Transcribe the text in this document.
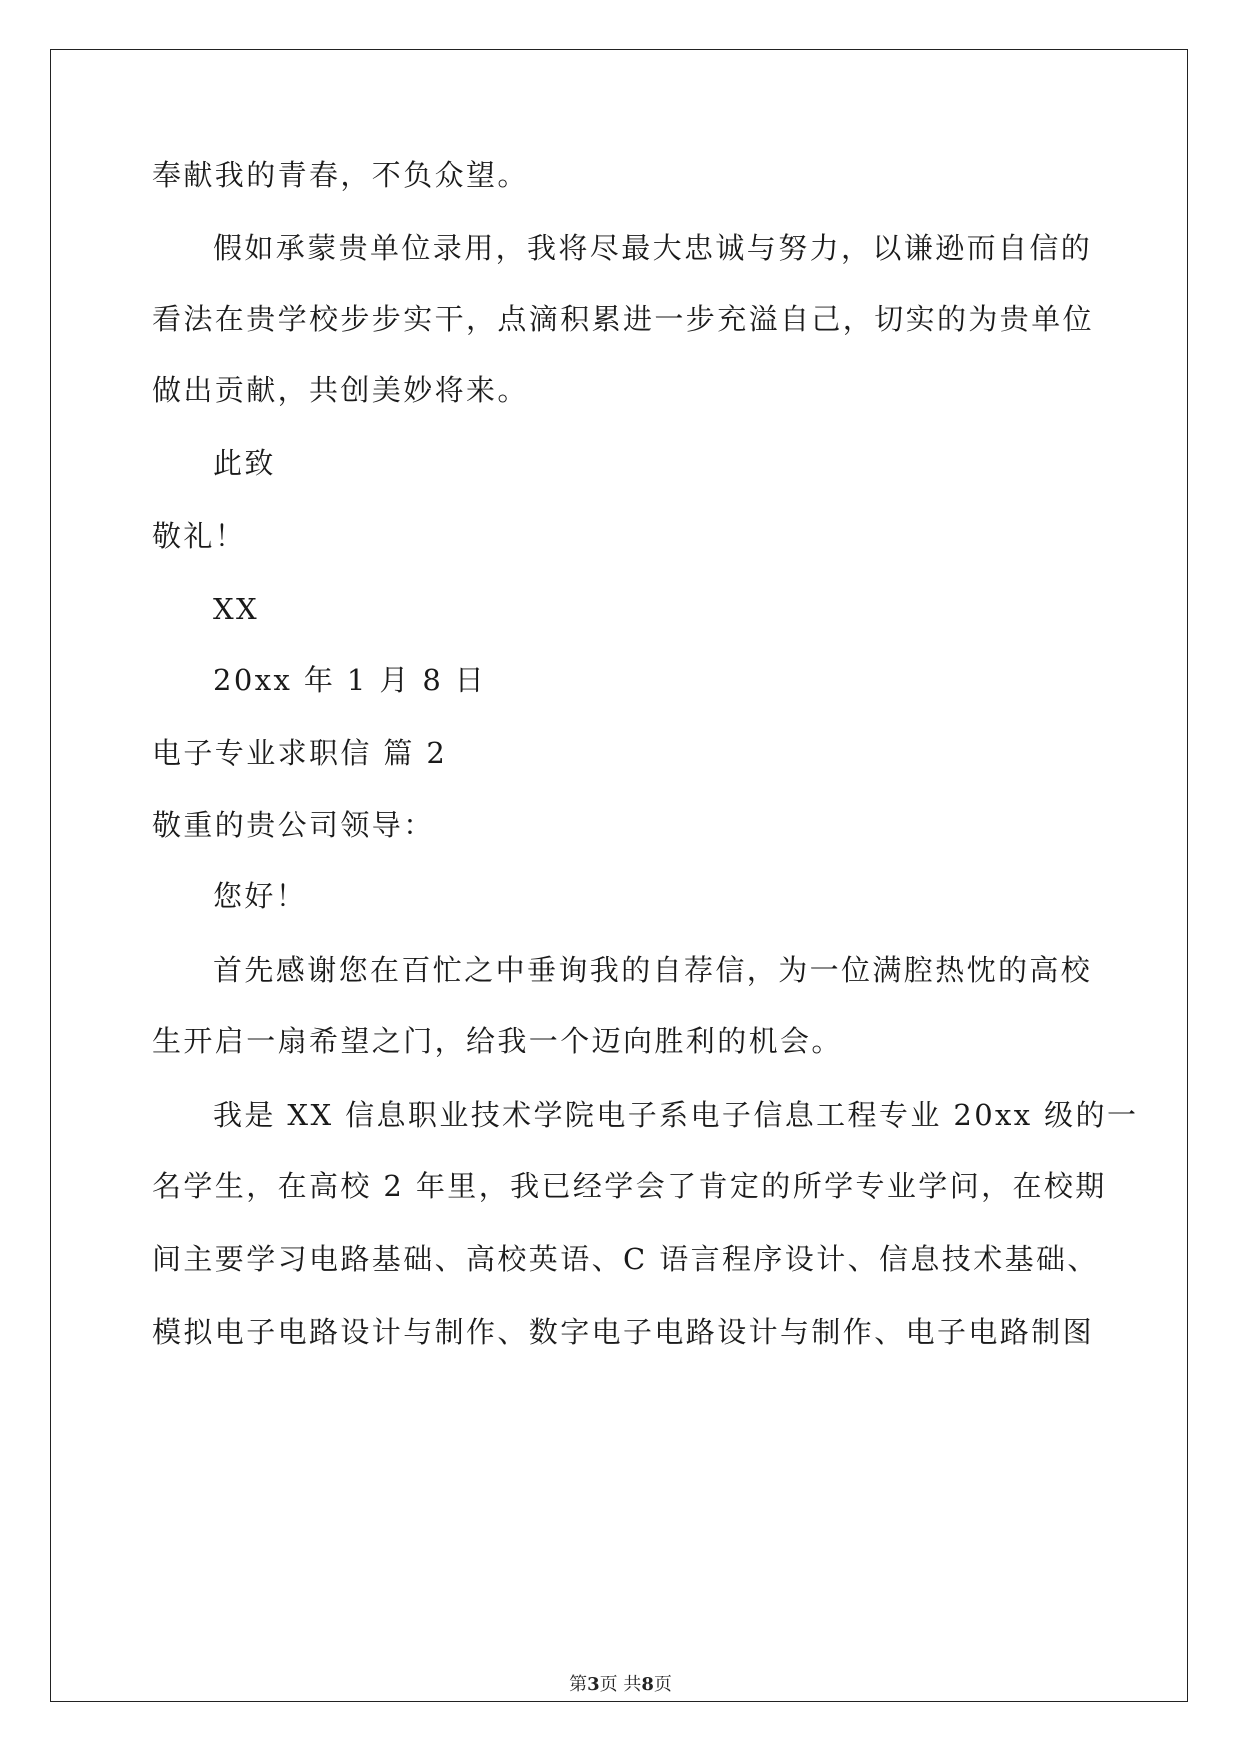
奉献我的青春，不负众望。
假如承蒙贵单位录用，我将尽最大忠诚与努力，以谦逊而自信的
看法在贵学校步步实干，点滴积累进一步充溢自己，切实的为贵单位
做出贡献，共创美妙将来。
此致
敬礼！
XX
20xx 年 1 月 8 日
电子专业求职信 篇 2
敬重的贵公司领导：
您好！
首先感谢您在百忙之中垂询我的自荐信，为一位满腔热忱的高校
生开启一扇希望之门，给我一个迈向胜利的机会。
我是 XX 信息职业技术学院电子系电子信息工程专业 20xx 级的一
名学生，在高校 2 年里，我已经学会了肯定的所学专业学问，在校期
间主要学习电路基础、高校英语、C 语言程序设计、信息技术基础、
模拟电子电路设计与制作、数字电子电路设计与制作、电子电路制图
第3页 共8页
